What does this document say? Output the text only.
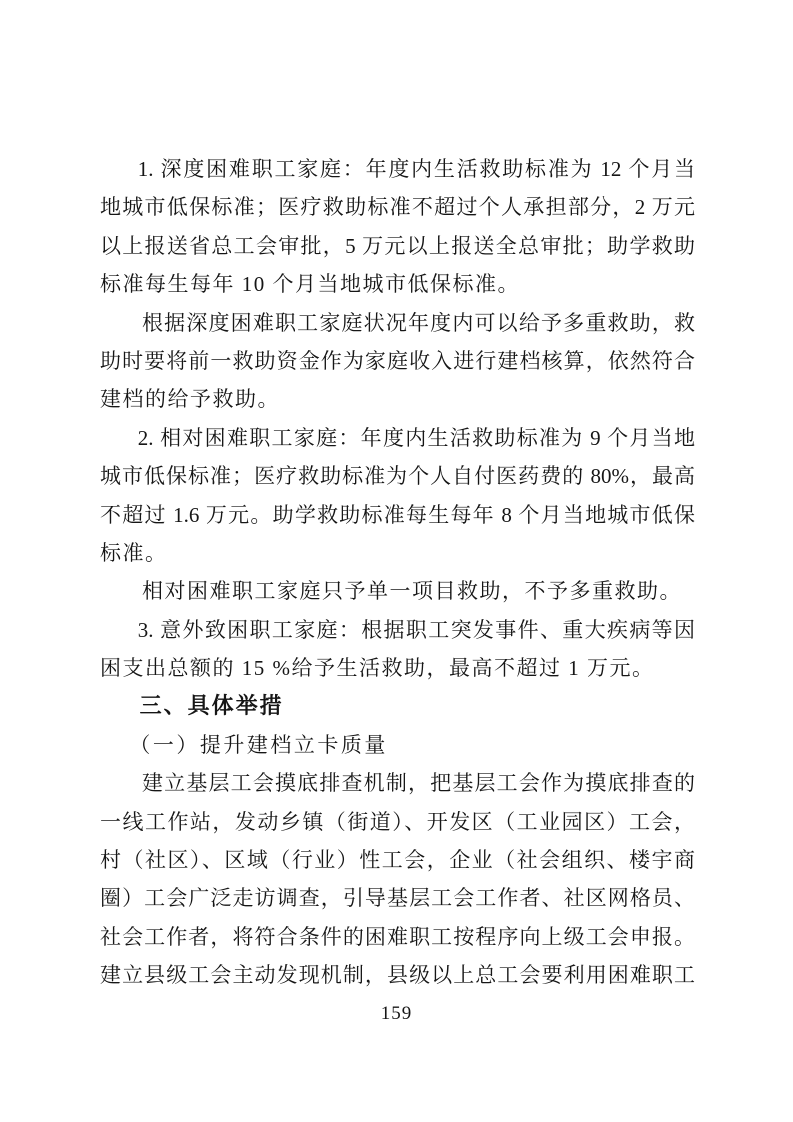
1. 深度困难职工家庭：年度内生活救助标准为 12 个月当
地城市低保标准；医疗救助标准不超过个人承担部分，2 万元
以上报送省总工会审批，5 万元以上报送全总审批；助学救助
标准每生每年 10 个月当地城市低保标准。
根据深度困难职工家庭状况年度内可以给予多重救助，救
助时要将前一救助资金作为家庭收入进行建档核算，依然符合
建档的给予救助。
2. 相对困难职工家庭：年度内生活救助标准为 9 个月当地
城市低保标准；医疗救助标准为个人自付医药费的 80%，最高
不超过 1.6 万元。助学救助标准每生每年 8 个月当地城市低保
标准。
相对困难职工家庭只予单一项目救助，不予多重救助。
3. 意外致困职工家庭：根据职工突发事件、重大疾病等因
困支出总额的 15 %给予生活救助，最高不超过 1 万元。
三、具体举措
（一）提升建档立卡质量
建立基层工会摸底排查机制，把基层工会作为摸底排查的
一线工作站，发动乡镇（街道）、开发区（工业园区）工会，
村（社区）、区域（行业）性工会，企业（社会组织、楼宇商
圈）工会广泛走访调查，引导基层工会工作者、社区网格员、
社会工作者，将符合条件的困难职工按程序向上级工会申报。
建立县级工会主动发现机制，县级以上总工会要利用困难职工
159
